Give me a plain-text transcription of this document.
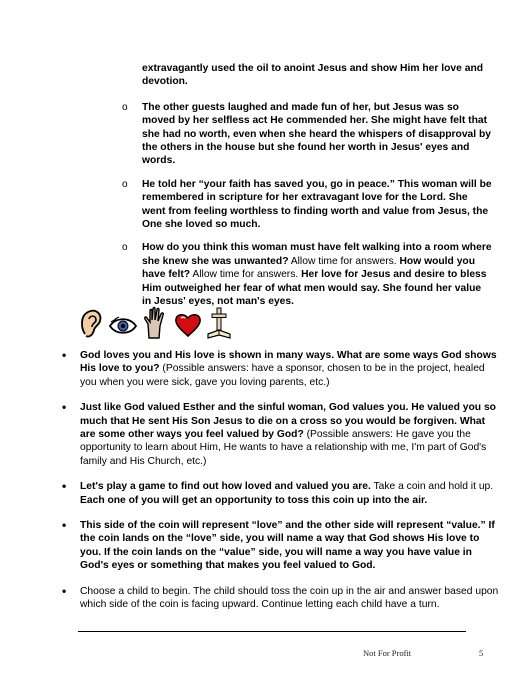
extravagantly used the oil to anoint Jesus and show Him her love and devotion.

o The other guests laughed and made fun of her, but Jesus was so moved by her selfless act He commended her. She might have felt that she had no worth, even when she heard the whispers of disapproval by the others in the house but she found her worth in Jesus' eyes and words.
o He told her “your faith has saved you, go in peace.” This woman will be remembered in scripture for her extravagant love for the Lord. She went from feeling worthless to finding worth and value from Jesus, the One she loved so much.
o How do you think this woman must have felt walking into a room where she knew she was unwanted? Allow time for answers. How would you have felt? Allow time for answers. Her love for Jesus and desire to bless Him outweighed her fear of what men would say. She found her value in Jesus' eyes, not man's eyes.
• God loves you and His love is shown in many ways. What are some ways God shows His love to you? (Possible answers: have a sponsor, chosen to be in the project, healed you when you were sick, gave you loving parents, etc.)
• Just like God valued Esther and the sinful woman, God values you. He valued you so much that He sent His Son Jesus to die on a cross so you would be forgiven. What are some other ways you feel valued by God? (Possible answers: He gave you the opportunity to learn about Him, He wants to have a relationship with me, I'm part of God's family and His Church, etc.)
• Let's play a game to find out how loved and valued you are. Take a coin and hold it up. Each one of you will get an opportunity to toss this coin up into the air.
• This side of the coin will represent “love” and the other side will represent “value.” If the coin lands on the “love” side, you will name a way that God shows His love to you. If the coin lands on the “value” side, you will name a way you have value in God's eyes or something that makes you feel valued to God.
• Choose a child to begin. The child should toss the coin up in the air and answer based upon which side of the coin is facing upward. Continue letting each child have a turn.
Not For Profit	5
